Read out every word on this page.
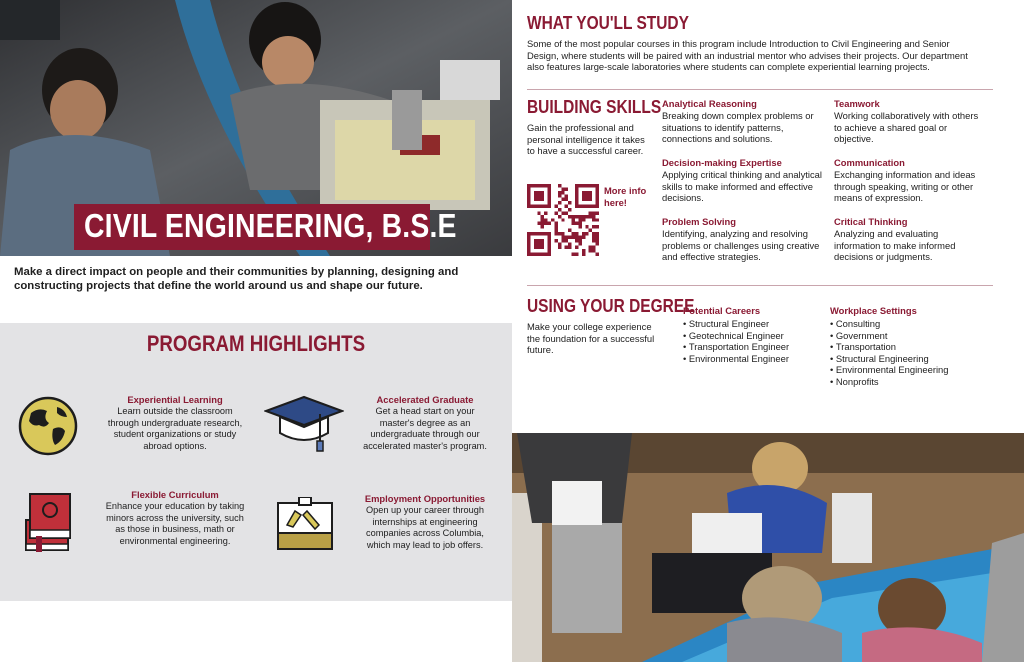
CIVIL ENGINEERING, B.S.E
Make a direct impact on people and their communities by planning, designing and constructing projects that define the world around us and shape our future.
PROGRAM HIGHLIGHTS
Experiential Learning
Learn outside the classroom through undergraduate research, student organizations or study abroad options.
Accelerated Graduate
Get a head start on your master's degree as an undergraduate through our accelerated master's program.
Flexible Curriculum
Enhance your education by taking minors across the university, such as those in business, math or environmental engineering.
Employment Opportunities
Open up your career through internships at engineering companies across Columbia, which may lead to job offers.
WHAT YOU'LL STUDY
Some of the most popular courses in this program include Introduction to Civil Engineering and Senior Design, where students will be paired with an industrial mentor who advises their projects. Our department also features large-scale laboratories where students can complete experiential learning projects.
BUILDING SKILLS
Gain the professional and personal intelligence it takes to have a successful career.
More info here!
Analytical Reasoning
Breaking down complex problems or situations to identify patterns, connections and solutions.
Teamwork
Working collaboratively with others to achieve a shared goal or objective.
Decision-making Expertise
Applying critical thinking and analytical skills to make informed and effective decisions.
Communication
Exchanging information and ideas through speaking, writing or other means of expression.
Problem Solving
Identifying, analyzing and resolving problems or challenges using creative and effective strategies.
Critical Thinking
Analyzing and evaluating information to make informed decisions or judgments.
USING YOUR DEGREE
Make your college experience the foundation for a successful future.
Potential Careers
• Structural Engineer
• Geotechnical Engineer
• Transportation Engineer
• Environmental Engineer
Workplace Settings
• Consulting
• Government
• Transportation
• Structural Engineering
• Environmental Engineering
• Nonprofits
